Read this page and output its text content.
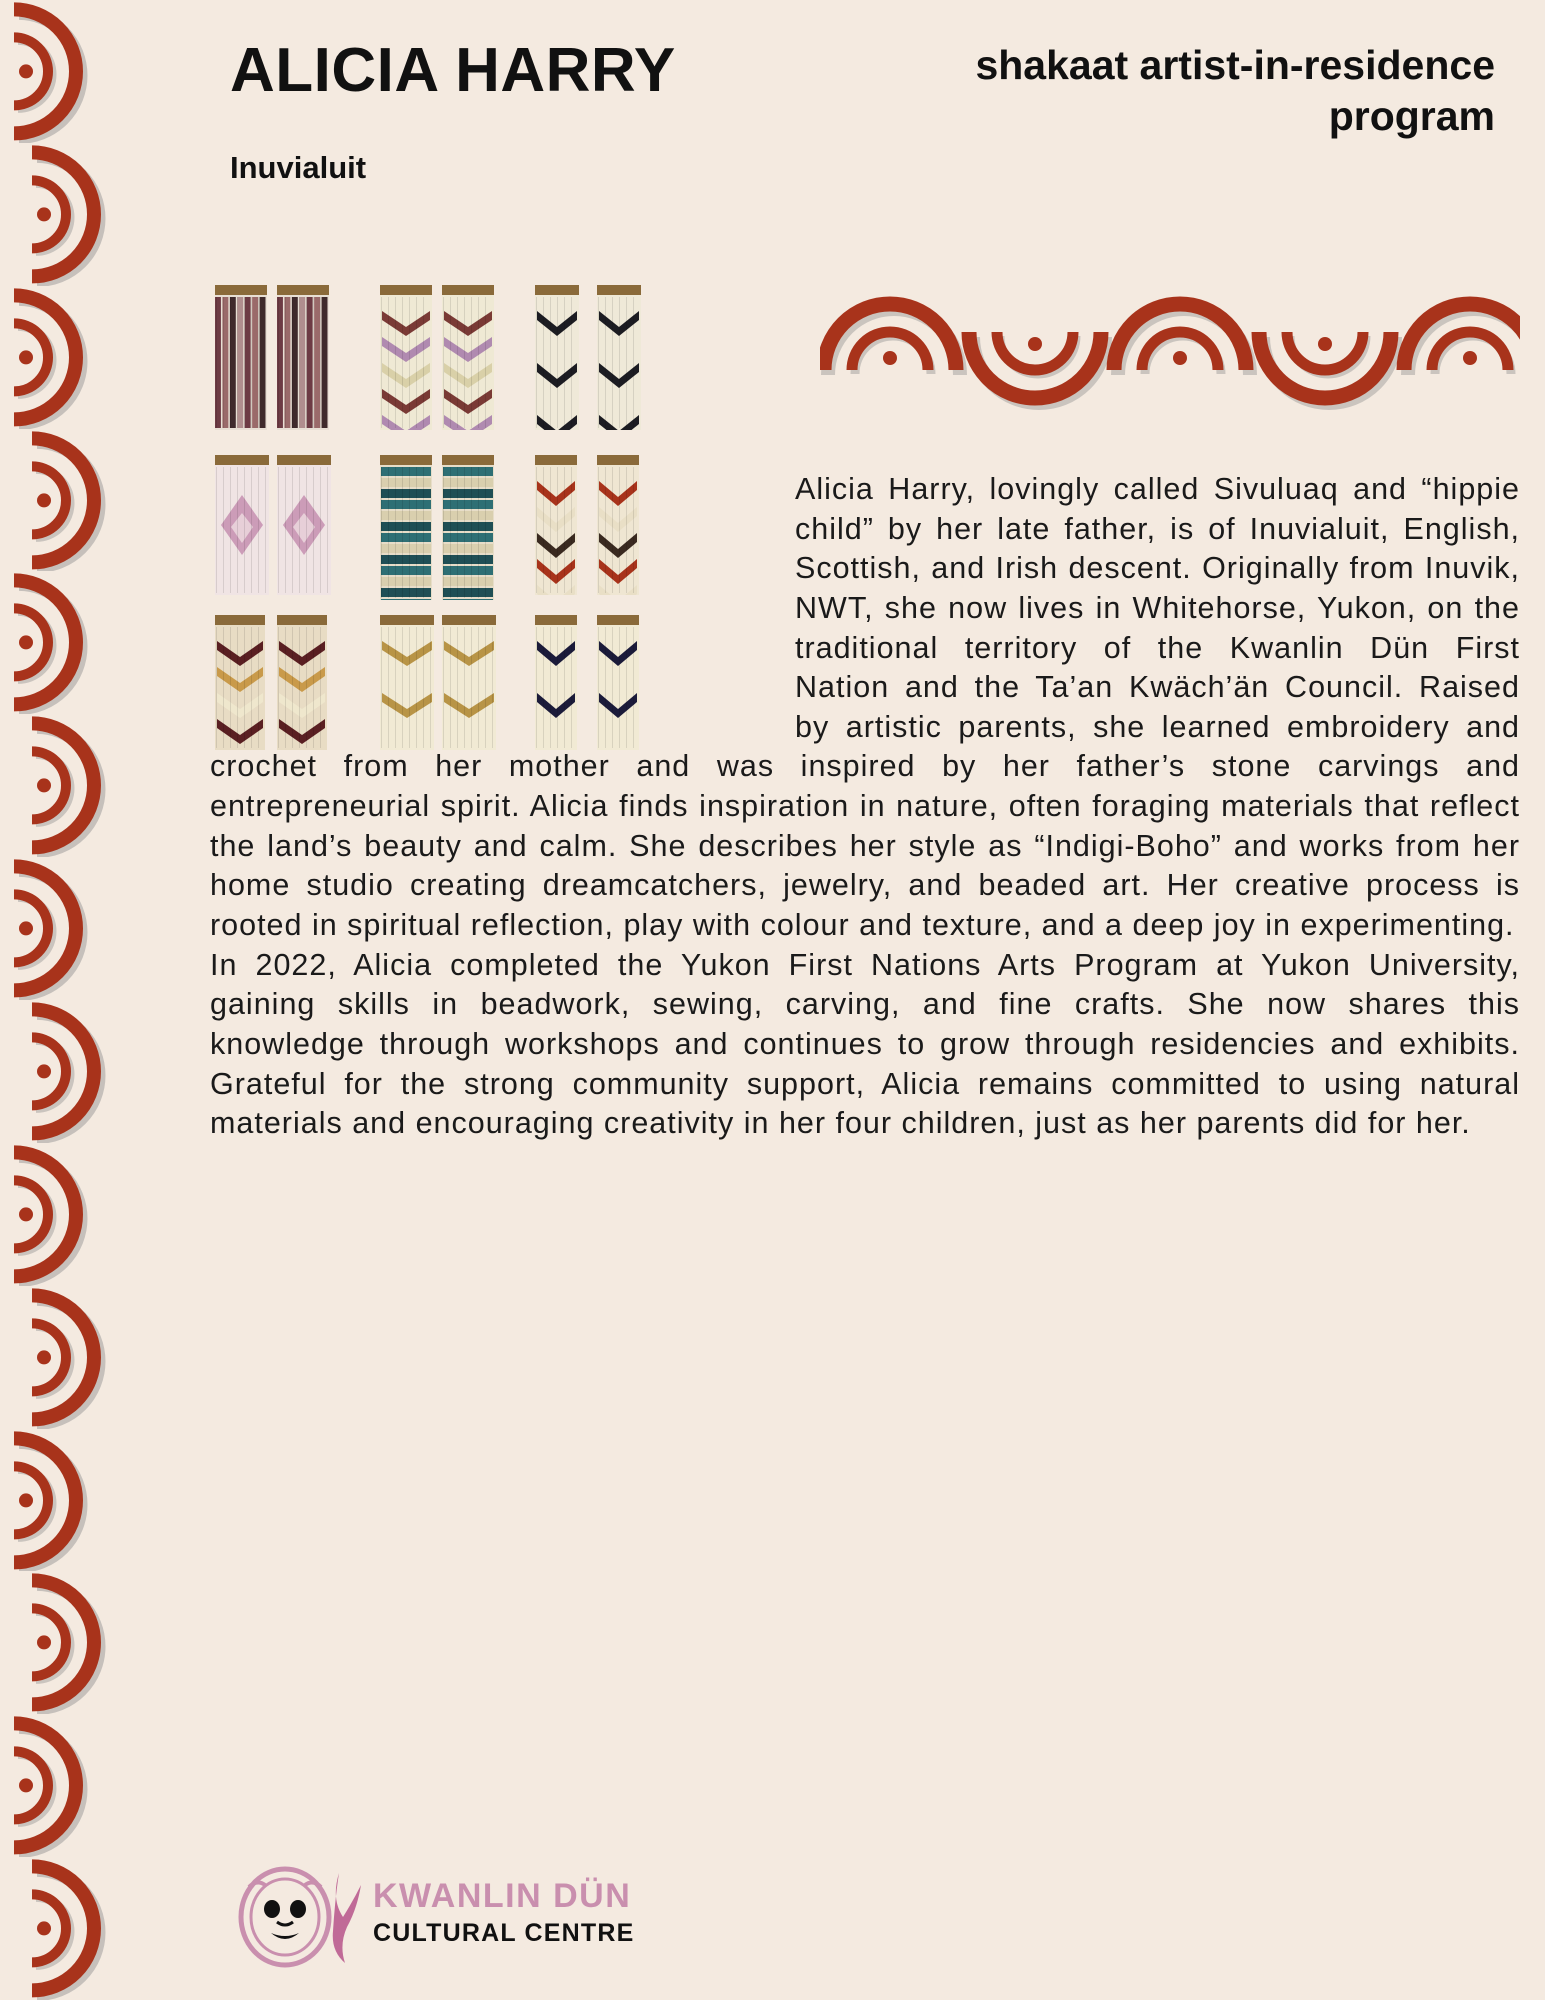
ALICIA HARRY
Inuvialuit
shakaat artist-in-residence program

Alicia Harry, lovingly called Sivuluaq and “hippie child” by her late father, is of Inuvialuit, English, Scottish, and Irish descent. Originally from Inuvik, NWT, she now lives in Whitehorse, Yukon, on the traditional territory of the Kwanlin Dün First Nation and the Ta’an Kwäch’än Council. Raised by artistic parents, she learned embroidery and crochet from her mother and was inspired by her father’s stone carvings and entrepreneurial spirit. Alicia finds inspiration in nature, often foraging materials that reflect the land’s beauty and calm. She describes her style as “Indigi-Boho” and works from her home studio creating dreamcatchers, jewelry, and beaded art. Her creative process is rooted in spiritual reflection, play with colour and texture, and a deep joy in experimenting.

In 2022, Alicia completed the Yukon First Nations Arts Program at Yukon University, gaining skills in beadwork, sewing, carving, and fine crafts. She now shares this knowledge through workshops and continues to grow through residencies and exhibits. Grateful for the strong community support, Alicia remains committed to using natural materials and encouraging creativity in her four children, just as her parents did for her.

KWANLIN DÜN
CULTURAL CENTRE
